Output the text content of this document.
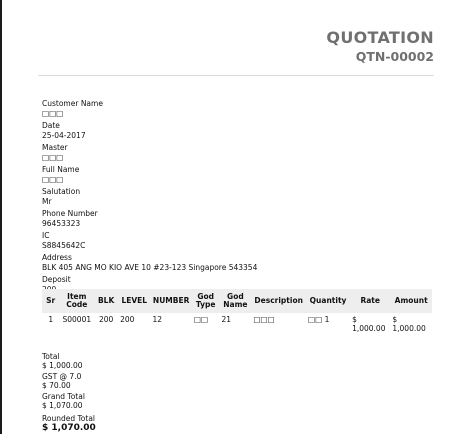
QUOTATION
QTN-00002
Customer Name
□□□
Date
25-04-2017
Master
□□□
Full Name
□□□
Salutation
Mr
Phone Number
96453323
IC
S8845642C
Address
BLK 405 ANG MO KIO AVE 10 #23-123 Singapore 543354
Deposit
Sr	Item Code	BLK	LEVEL	NUMBER	God Type	God Name	Description	Quantity	Rate	Amount
1	S00001	200	200	12	□□	21	□□□	□□ 1	$ 1,000.00	$ 1,000.00
Total
$ 1,000.00
GST @ 7.0
$ 70.00
Grand Total
$ 1,070.00
Rounded Total
$ 1,070.00
